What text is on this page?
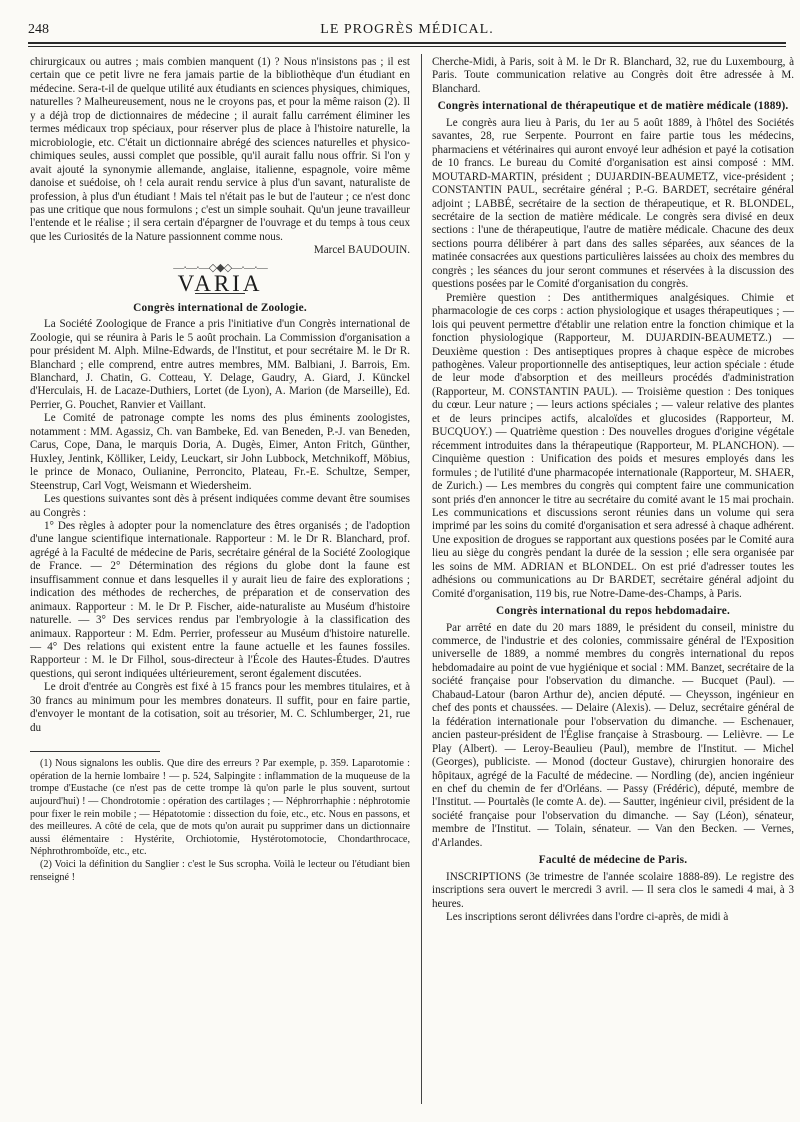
248	LE PROGRÈS MÉDICAL.

chirurgicaux ou autres ; mais combien manquent (1) ? Nous n'insistons pas ; il est certain que ce petit livre ne fera jamais partie de la bibliothèque d'un étudiant en médecine. Sera-t-il de quelque utilité aux étudiants en sciences physiques, chimiques, naturelles ? Malheureusement, nous ne le croyons pas, et pour la même raison (2). Il y a déjà trop de dictionnaires de médecine ; il aurait fallu carrément éliminer les termes médicaux trop spéciaux, pour réserver plus de place à l'histoire naturelle, la microbiologie, etc. C'était un dictionnaire abrégé des sciences naturelles et physico-chimiques seules, aussi complet que possible, qu'il aurait fallu nous offrir. Si l'on y avait ajouté la synonymie allemande, anglaise, italienne, espagnole, voire même danoise et suédoise, oh ! cela aurait rendu service à plus d'un savant, naturaliste de profession, à plus d'un étudiant ! Mais tel n'était pas le but de l'auteur ; ce n'est donc pas une critique que nous formulons ; c'est un simple souhait. Qu'un jeune travailleur l'entende et le réalise ; il sera certain d'épargner de l'ouvrage et du temps à tous ceux que les Curiosités de la Nature passionnent comme nous.

Marcel BAUDOUIN.
—⋅—⋅—◇◆◇—⋅—⋅—
VARIA
Congrès international de Zoologie.

La Société Zoologique de France a pris l'initiative d'un Congrès international de Zoologie, qui se réunira à Paris le 5 août prochain. La Commission d'organisation a pour président M. Alph. Milne-Edwards, de l'Institut, et pour secrétaire M. le Dr R. Blanchard ; elle comprend, entre autres membres, MM. Balbiani, J. Barrois, Em. Blanchard, J. Chatin, G. Cotteau, Y. Delage, Gaudry, A. Giard, J. Künckel d'Herculais, H. de Lacaze-Duthiers, Lortet (de Lyon), A. Marion (de Marseille), Ed. Perrier, G. Pouchet, Ranvier et Vaillant.

Le Comité de patronage compte les noms des plus éminents zoologistes, notamment : MM. Agassiz, Ch. van Bambeke, Ed. van Beneden, P.-J. van Beneden, Carus, Cope, Dana, le marquis Doria, A. Dugès, Eimer, Anton Fritch, Günther, Huxley, Jentink, Kölliker, Leidy, Leuckart, sir John Lubbock, Metchnikoff, Möbius, le prince de Monaco, Oulianine, Perroncito, Plateau, Fr.-E. Schultze, Semper, Steenstrup, Carl Vogt, Weismann et Wiedersheim.

Les questions suivantes sont dès à présent indiquées comme devant être soumises au Congrès :

1° Des règles à adopter pour la nomenclature des êtres organisés ; de l'adoption d'une langue scientifique internationale. Rapporteur : M. le Dr R. Blanchard, prof. agrégé à la Faculté de médecine de Paris, secrétaire général de la Société Zoologique de France. — 2° Détermination des régions du globe dont la faune est insuffisamment connue et dans lesquelles il y aurait lieu de faire des explorations ; indication des méthodes de recherches, de préparation et de conservation des animaux. Rapporteur : M. le Dr P. Fischer, aide-naturaliste au Muséum d'histoire naturelle. — 3° Des services rendus par l'embryologie à la classification des animaux. Rapporteur : M. Edm. Perrier, professeur au Muséum d'histoire naturelle. — 4° Des relations qui existent entre la faune actuelle et les faunes fossiles. Rapporteur : M. le Dr Filhol, sous-directeur à l'École des Hautes-Études. D'autres questions, qui seront indiquées ultérieurement, seront également discutées.

Le droit d'entrée au Congrès est fixé à 15 francs pour les membres titulaires, et à 30 francs au minimum pour les membres donateurs. Il suffit, pour en faire partie, d'envoyer le montant de la cotisation, soit au trésorier, M. C. Schlumberger, 21, rue du

(1) Nous signalons les oublis. Que dire des erreurs ? Par exemple, p. 359. Laparotomie : opération de la hernie lombaire ! — p. 524, Salpingite : inflammation de la muqueuse de la trompe d'Eustache (ce n'est pas de cette trompe là qu'on parle le plus souvent, surtout aujourd'hui) ! — Chondrotomie : opération des cartilages ; — Néphrorrhaphie : néphrotomie pour fixer le rein mobile ; — Hépatotomie : dissection du foie, etc., etc. Nous en passons, et des meilleures. A côté de cela, que de mots qu'on aurait pu supprimer dans un dictionnaire aussi élémentaire : Hystérite, Orchiotomie, Hystérotomotocie, Chondarthrocace, Néphrothromboïde, etc., etc.

(2) Voici la définition du Sanglier : c'est le Sus scropha. Voilà le lecteur ou l'étudiant bien renseigné !

Cherche-Midi, à Paris, soit à M. le Dr R. Blanchard, 32, rue du Luxembourg, à Paris. Toute communication relative au Congrès doit être adressée à M. Blanchard.

Congrès international de thérapeutique et de matière médicale (1889).

Le congrès aura lieu à Paris, du 1er au 5 août 1889, à l'hôtel des Sociétés savantes, 28, rue Serpente. Pourront en faire partie tous les médecins, pharmaciens et vétérinaires qui auront envoyé leur adhésion et payé la cotisation de 10 francs. Le bureau du Comité d'organisation est ainsi composé : MM. MOUTARD-MARTIN, président ; DUJARDIN-BEAUMETZ, vice-président ; CONSTANTIN PAUL, secrétaire général ; P.-G. BARDET, secrétaire général adjoint ; LABBÉ, secrétaire de la section de thérapeutique, et R. BLONDEL, secrétaire de la section de matière médicale. Le congrès sera divisé en deux sections : l'une de thérapeutique, l'autre de matière médicale. Chacune des deux sections pourra délibérer à part dans des salles séparées, aux séances de la matinée consacrées aux questions particulières laissées au choix des membres du congrès ; les séances du jour seront communes et réservées à la discussion des questions posées par le Comité d'organisation du congrès.

Première question : Des antithermiques analgésiques. Chimie et pharmacologie de ces corps : action physiologique et usages thérapeutiques ; — lois qui peuvent permettre d'établir une relation entre la fonction chimique et la fonction physiologique (Rapporteur, M. DUJARDIN-BEAUMETZ.) — Deuxième question : Des antiseptiques propres à chaque espèce de microbes pathogènes. Valeur proportionnelle des antiseptiques, leur action spéciale : étude de leur mode d'absorption et des meilleurs procédés d'administration (Rapporteur, M. CONSTANTIN PAUL). — Troisième question : Des toniques du cœur. Leur nature ; — leurs actions spéciales ; — valeur relative des plantes et de leurs principes actifs, alcaloïdes et glucosides (Rapporteur, M. BUCQUOY.) — Quatrième question : Des nouvelles drogues d'origine végétale récemment introduites dans la thérapeutique (Rapporteur, M. PLANCHON). — Cinquième question : Unification des poids et mesures employés dans les formules ; de l'utilité d'une pharmacopée internationale (Rapporteur, M. SHAER, de Zurich.) — Les membres du congrès qui comptent faire une communication sont priés d'en annoncer le titre au secrétaire du comité avant le 15 mai prochain. Les communications et discussions seront réunies dans un volume qui sera imprimé par les soins du comité d'organisation et sera adressé à chaque adhérent. Une exposition de drogues se rapportant aux questions posées par le Comité aura lieu au siège du congrès pendant la durée de la session ; elle sera organisée par les soins de MM. ADRIAN et BLONDEL. On est prié d'adresser toutes les adhésions ou communications au Dr BARDET, secrétaire général adjoint du Comité d'organisation, 119 bis, rue Notre-Dame-des-Champs, à Paris.

Congrès international du repos hebdomadaire.

Par arrêté en date du 20 mars 1889, le président du conseil, ministre du commerce, de l'industrie et des colonies, commissaire général de l'Exposition universelle de 1889, a nommé membres du congrès international du repos hebdomadaire au point de vue hygiénique et social : MM. Banzet, secrétaire de la société française pour l'observation du dimanche. — Bucquet (Paul). — Chabaud-Latour (baron Arthur de), ancien député. — Cheysson, ingénieur en chef des ponts et chaussées. — Delaire (Alexis). — Deluz, secrétaire général de la fédération internationale pour l'observation du dimanche. — Eschenauer, ancien pasteur-président de l'Église française à Strasbourg. — Lelièvre. — Le Play (Albert). — Leroy-Beaulieu (Paul), membre de l'Institut. — Michel (Georges), publiciste. — Monod (docteur Gustave), chirurgien honoraire des hôpitaux, agrégé de la Faculté de médecine. — Nordling (de), ancien ingénieur en chef du chemin de fer d'Orléans. — Passy (Frédéric), député, membre de l'Institut. — Pourtalès (le comte A. de). — Sautter, ingénieur civil, président de la société française pour l'observation du dimanche. — Say (Léon), sénateur, membre de l'Institut. — Tolain, sénateur. — Van den Becken. — Vernes, d'Arlandes.

Faculté de médecine de Paris.

INSCRIPTIONS (3e trimestre de l'année scolaire 1888-89). Le registre des inscriptions sera ouvert le mercredi 3 avril. — Il sera clos le samedi 4 mai, à 3 heures.

Les inscriptions seront délivrées dans l'ordre ci-après, de midi à
